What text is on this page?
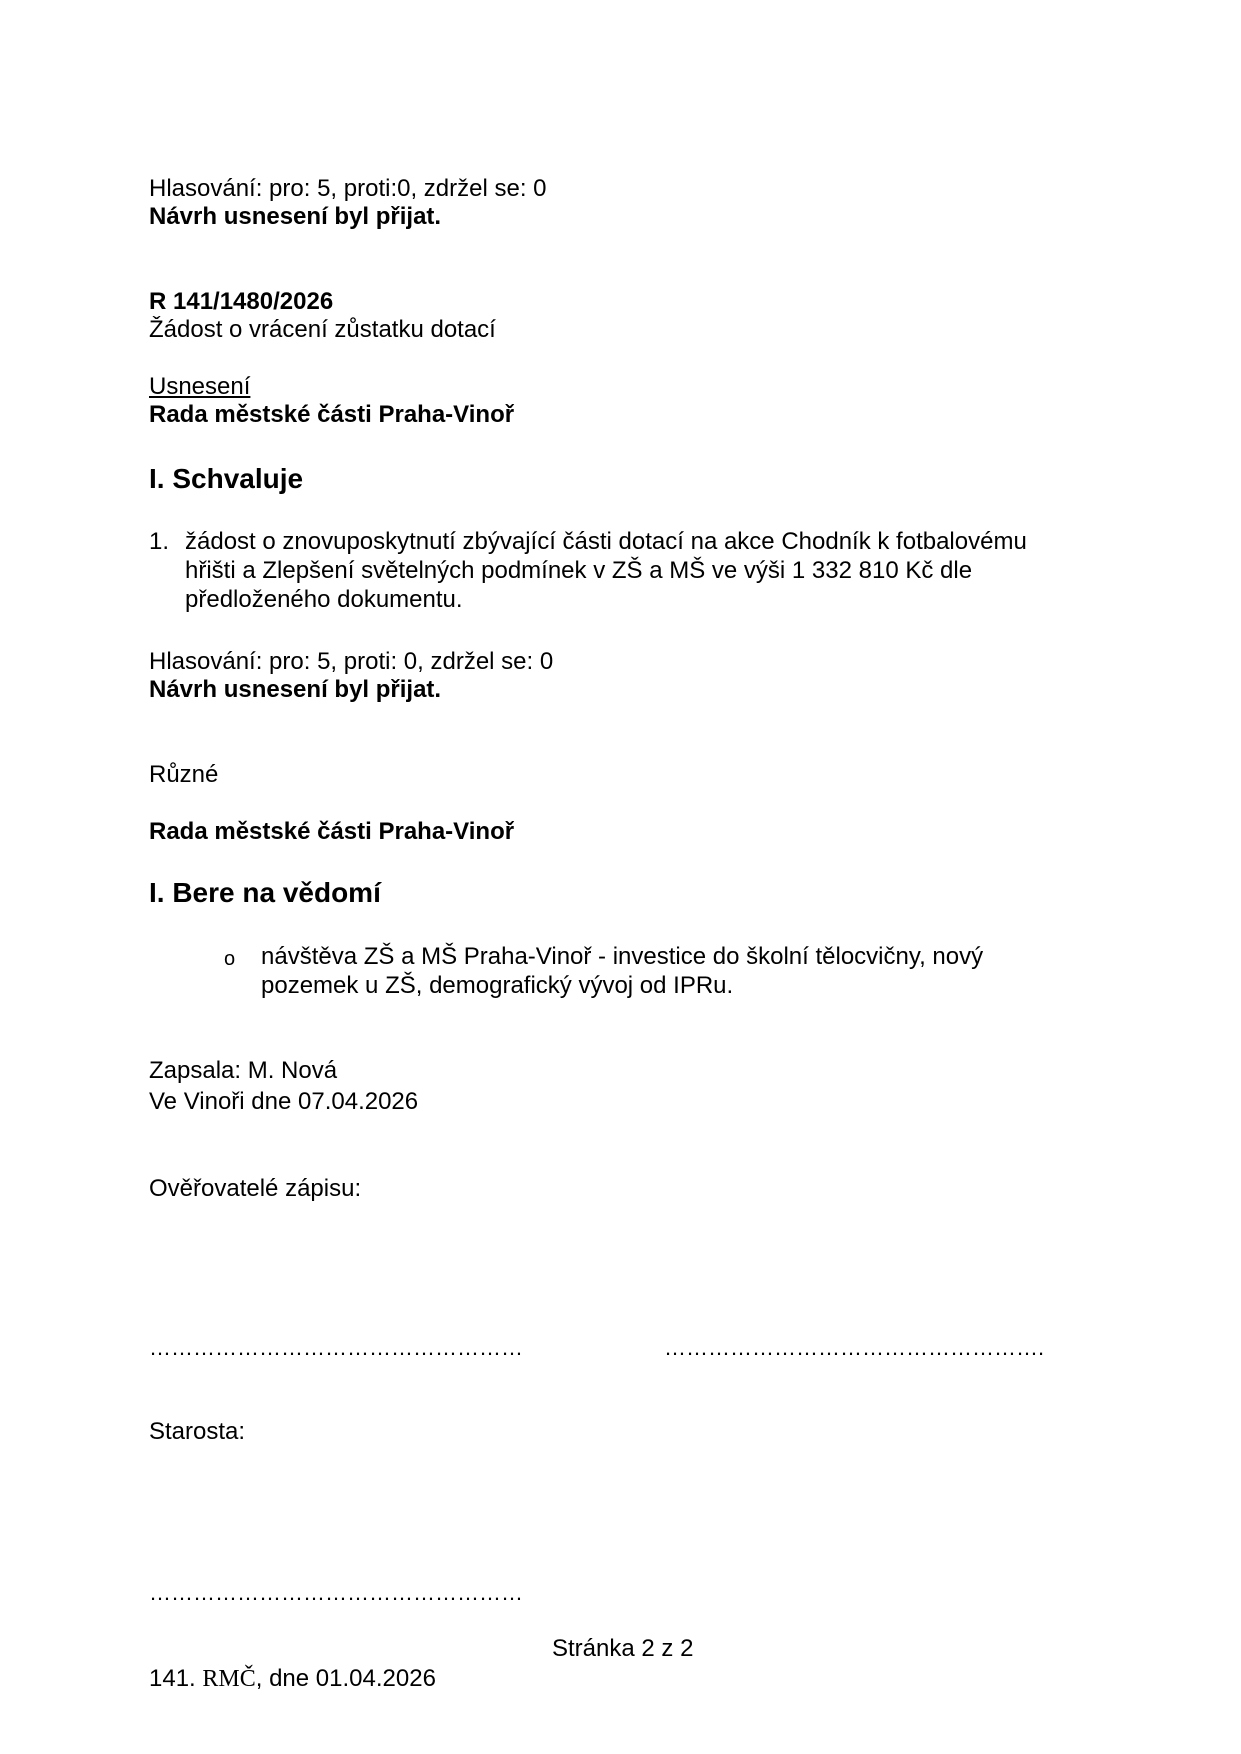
Hlasování: pro: 5, proti:0, zdržel se: 0
Návrh usnesení byl přijat.
R 141/1480/2026
Žádost o vrácení zůstatku dotací
Usnesení
Rada městské části Praha-Vinoř
I. Schvaluje
1. žádost o znovuposkytnutí zbývající části dotací na akce Chodník k fotbalovému
hřišti a Zlepšení světelných podmínek v ZŠ a MŠ ve výši 1 332 810 Kč dle
předloženého dokumentu.
Hlasování: pro: 5, proti: 0, zdržel se: 0
Návrh usnesení byl přijat.
Různé
Rada městské části Praha-Vinoř
I. Bere na vědomí
o návštěva ZŠ a MŠ Praha-Vinoř - investice do školní tělocvičny, nový
pozemek u ZŠ, demografický vývoj od IPRu.
Zapsala: M. Nová
Ve Vinoři dne 07.04.2026
Ověřovatelé zápisu:
……………………………………………	…………………………………………….
Starosta:
……………………………………………
Stránka 2 z 2
141. RMČ, dne 01.04.2026
